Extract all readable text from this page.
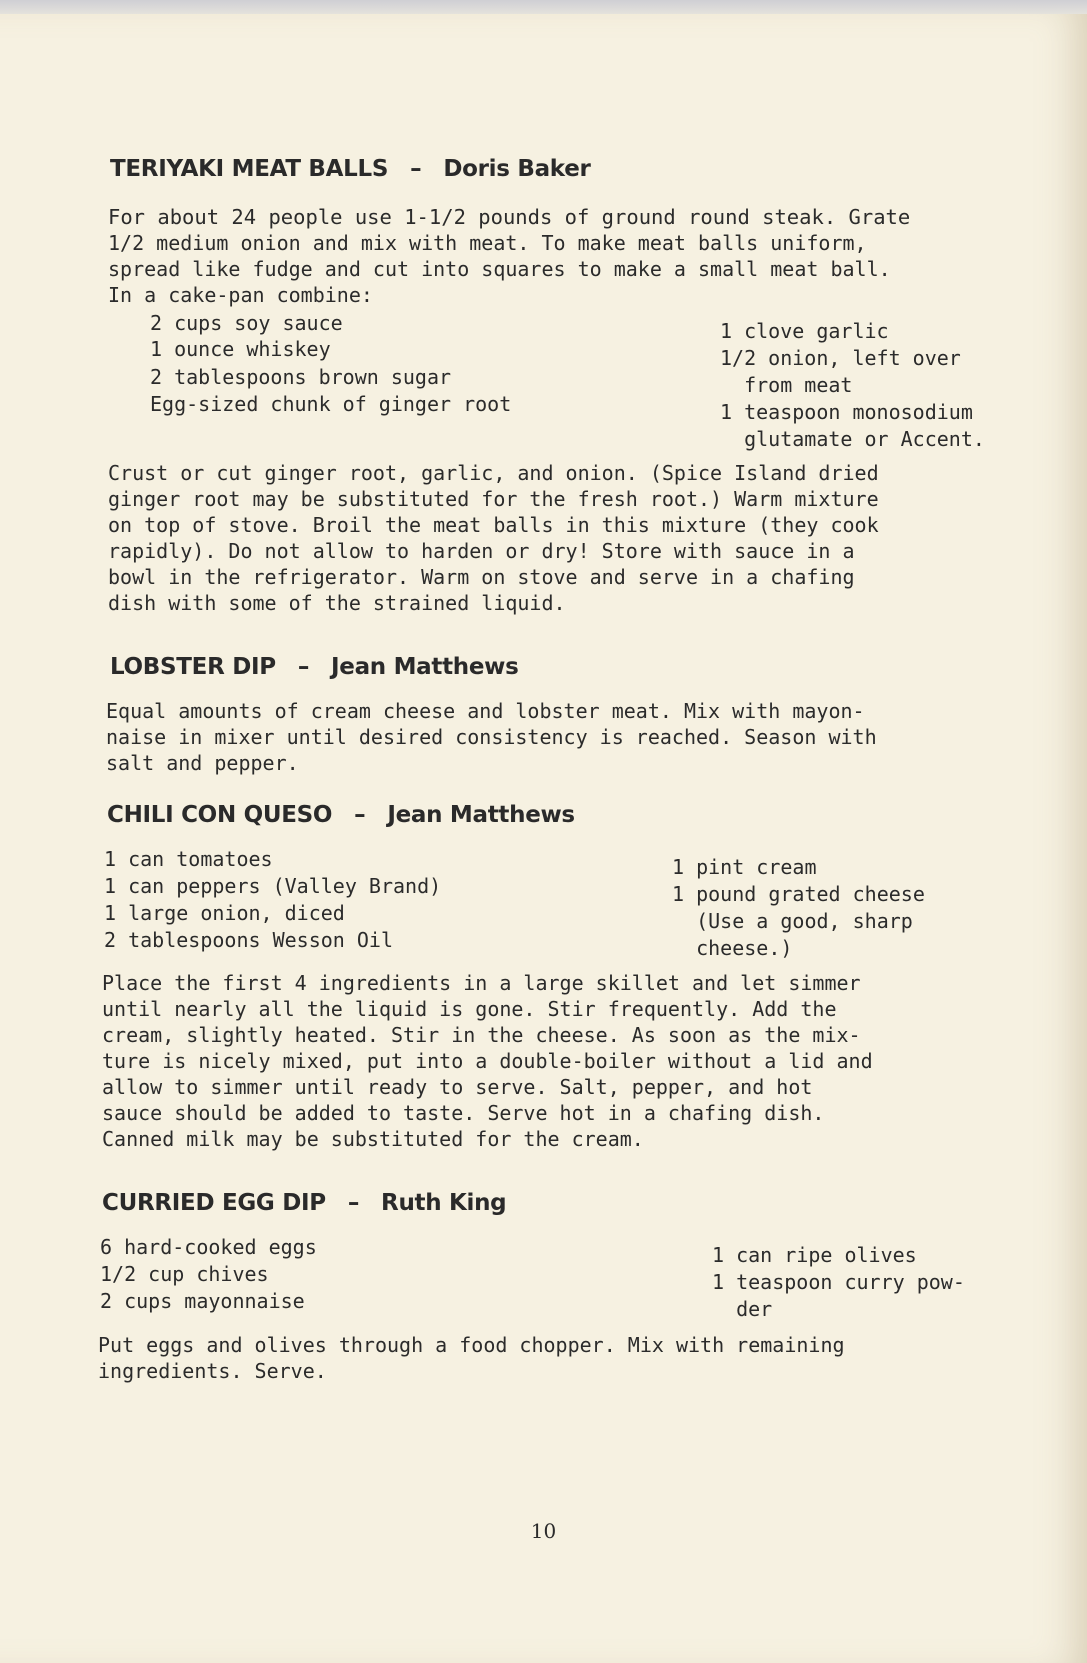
TERIYAKI MEAT BALLS – Doris Baker
For about 24 people use 1-1/2 pounds of ground round steak. Grate
1/2 medium onion and mix with meat. To make meat balls uniform,
spread like fudge and cut into squares to make a small meat ball.
In a cake-pan combine:
2 cups soy sauce
1 ounce whiskey
2 tablespoons brown sugar
Egg-sized chunk of ginger root
1 clove garlic
1/2 onion, left over
from meat
1 teaspoon monosodium
glutamate or Accent.
Crust or cut ginger root, garlic, and onion. (Spice Island dried
ginger root may be substituted for the fresh root.) Warm mixture
on top of stove. Broil the meat balls in this mixture (they cook
rapidly). Do not allow to harden or dry! Store with sauce in a
bowl in the refrigerator. Warm on stove and serve in a chafing
dish with some of the strained liquid.
LOBSTER DIP – Jean Matthews
Equal amounts of cream cheese and lobster meat. Mix with mayon-
naise in mixer until desired consistency is reached. Season with
salt and pepper.
CHILI CON QUESO – Jean Matthews
1 can tomatoes
1 can peppers (Valley Brand)
1 large onion, diced
2 tablespoons Wesson Oil
1 pint cream
1 pound grated cheese
(Use a good, sharp
cheese.)
Place the first 4 ingredients in a large skillet and let simmer
until nearly all the liquid is gone. Stir frequently. Add the
cream, slightly heated. Stir in the cheese. As soon as the mix-
ture is nicely mixed, put into a double-boiler without a lid and
allow to simmer until ready to serve. Salt, pepper, and hot
sauce should be added to taste. Serve hot in a chafing dish.
Canned milk may be substituted for the cream.
CURRIED EGG DIP – Ruth King
6 hard-cooked eggs
1/2 cup chives
2 cups mayonnaise
1 can ripe olives
1 teaspoon curry pow-
der
Put eggs and olives through a food chopper. Mix with remaining
ingredients. Serve.
10
